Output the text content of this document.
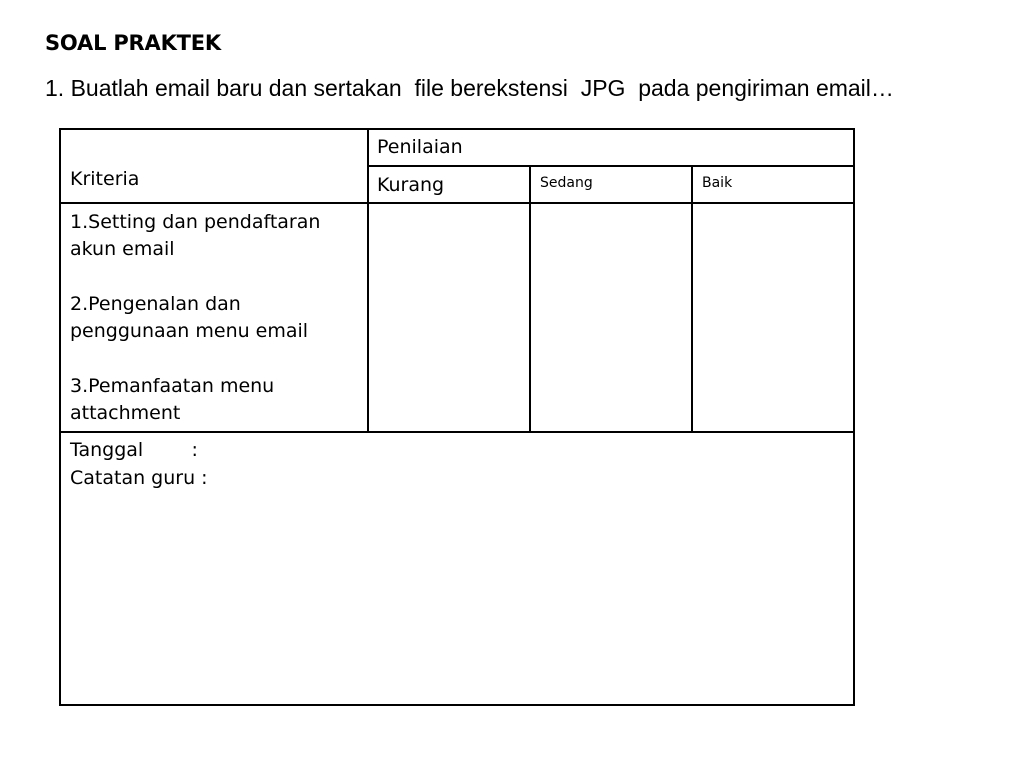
SOAL PRAKTEK
1. Buatlah email baru dan sertakan  file berekstensi  JPG  pada pengiriman email…
Kriteria
Penilaian
Kurang	Sedang	Baik
1.Setting dan pendaftaran
akun email
2.Pengenalan dan
penggunaan menu email
3.Pemanfaatan menu
attachment
Tanggal        :
Catatan guru :
